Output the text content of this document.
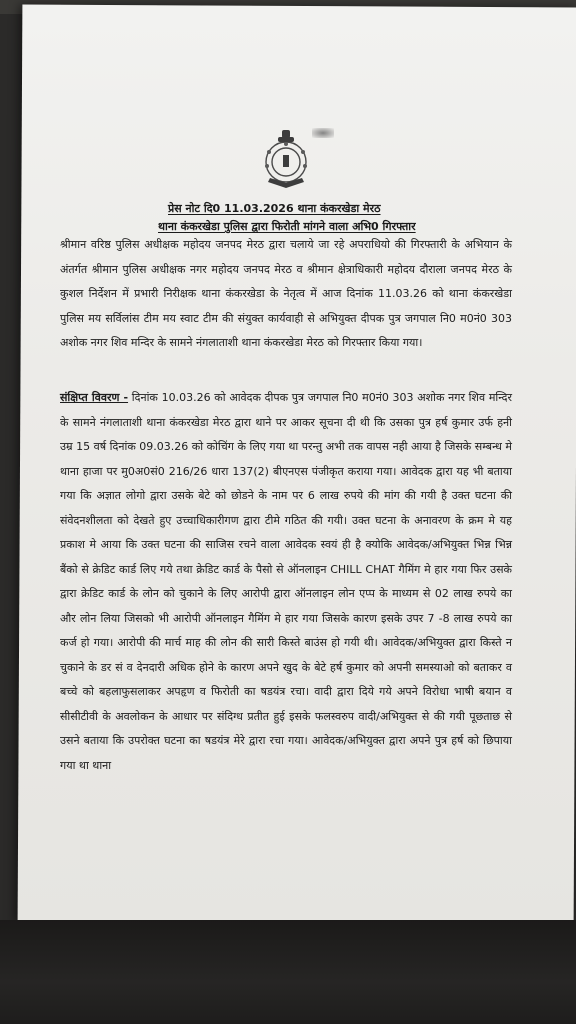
प्रेस नोट दि0 11.03.2026 थाना कंकरखेडा मेरठ
थाना कंकरखेडा पुलिस द्वारा फिरोती मांगने वाला अभि0 गिरफ्तार
श्रीमान वरिष्ठ पुलिस अधीक्षक महोदय जनपद मेरठ द्वारा चलाये जा रहे अपराधियो की गिरफ्तारी के अभियान के अंतर्गत श्रीमान पुलिस अधीक्षक नगर महोदय जनपद मेरठ व श्रीमान क्षेत्राधिकारी महोदय दौराला जनपद मेरठ के कुशल निर्देशन में प्रभारी निरीक्षक थाना कंकरखेडा के नेतृत्व में आज दिनांक 11.03.26 को थाना कंकरखेडा पुलिस मय सर्विलांस टीम मय स्वाट टीम की संयुक्त कार्यवाही से अभियुक्त दीपक पुत्र जगपाल नि0 म0नं0 303 अशोक नगर शिव मन्दिर के सामने नंगलाताशी थाना कंकरखेडा मेरठ को गिरफ्तार किया गया।
संक्षिप्त विवरण - दिनांक 10.03.26 को आवेदक दीपक पुत्र जगपाल नि0 म0नं0 303 अशोक नगर शिव मन्दिर के सामने नंगलाताशी थाना कंकरखेडा मेरठ द्वारा थाने पर आकर सूचना दी थी कि उसका पुत्र हर्ष कुमार उर्फ हनी उम्र 15 वर्ष दिनांक 09.03.26 को कोचिंग के लिए गया था परन्तु अभी तक वापस नही आया है जिसके सम्बन्ध मे थाना हाजा पर मु0अ0सं0 216/26 धारा 137(2) बीएनएस पंजीकृत कराया गया। आवेदक द्वारा यह भी बताया गया कि अज्ञात लोगो द्वारा उसके बेटे को छोडने के नाम पर 6 लाख रुपये की मांग की गयी है उक्त घटना की संवेदनशीलता को देखते हुए उच्चाधिकारीगण द्वारा टीमे गठित की गयी। उक्त घटना के अनावरण के क्रम मे यह प्रकाश मे आया कि उक्त घटना की साजिस रचने वाला आवेदक स्वयं ही है क्योकि आवेदक/अभियुक्त भिन्न भिन्न बैंको से क्रेडिट कार्ड लिए गये तथा क्रेडिट कार्ड के पैसो से ऑनलाइन CHILL CHAT गैमिंग मे हार गया फिर उसके द्वारा क्रेडिट कार्ड के लोन को चुकाने के लिए आरोपी द्वारा ऑनलाइन लोन एप्प के माध्यम से 02 लाख रुपये का और लोन लिया जिसको भी आरोपी ऑनलाइन गैमिंग मे हार गया जिसके कारण इसके उपर 7 -8 लाख रुपये का कर्ज हो गया। आरोपी की मार्च माह की लोन की सारी किस्ते बाउंस हो गयी थी। आवेदक/अभियुक्त द्वारा किस्ते न चुकाने के डर सं व देनदारी अधिक होने के कारण अपने खुद के बेटे हर्ष कुमार को अपनी समस्याओ को बताकर व बच्चे को बहलाफुसलाकर अपहृण व फिरोती का षडयंत्र रचा। वादी द्वारा दिये गये अपने विरोधा भाषी बयान व सीसीटीवी के अवलोकन के आधार पर संदिग्ध प्रतीत हुई इसके फलस्वरुप वादी/अभियुक्त से की गयी पूछताछ से उसने बताया कि उपरोक्त घटना का षडयंत्र मेरे द्वारा रचा गया। आवेदक/अभियुक्त द्वारा अपने पुत्र हर्ष को छिपाया गया था थाना
